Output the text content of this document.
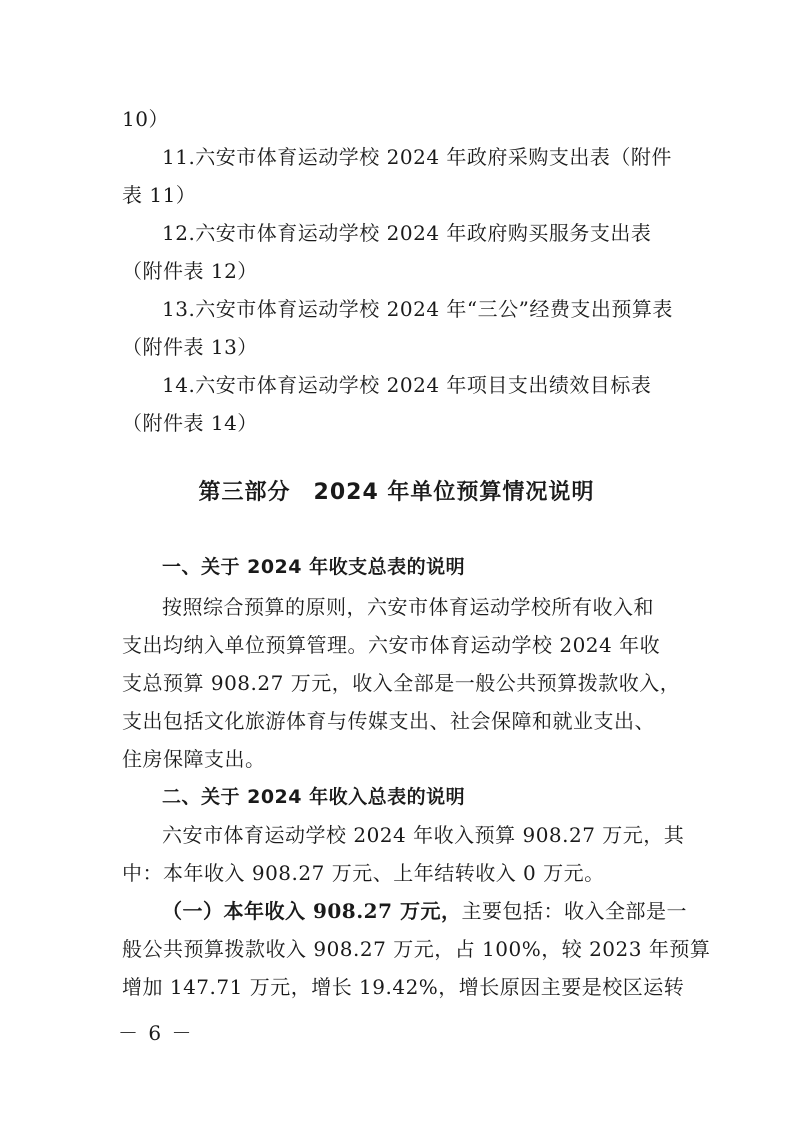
10）
11.六安市体育运动学校 2024 年政府采购支出表（附件
表 11）
12.六安市体育运动学校 2024 年政府购买服务支出表
（附件表 12）
13.六安市体育运动学校 2024 年“三公”经费支出预算表
（附件表 13）
14.六安市体育运动学校 2024 年项目支出绩效目标表
（附件表 14）
第三部分　2024 年单位预算情况说明
一、关于 2024 年收支总表的说明
按照综合预算的原则，六安市体育运动学校所有收入和
支出均纳入单位预算管理。六安市体育运动学校 2024 年收
支总预算 908.27 万元，收入全部是一般公共预算拨款收入，
支出包括文化旅游体育与传媒支出、社会保障和就业支出、
住房保障支出。
二、关于 2024 年收入总表的说明
六安市体育运动学校 2024 年收入预算 908.27 万元，其
中：本年收入 908.27 万元、上年结转收入 0 万元。
（一）本年收入 908.27 万元，主要包括：收入全部是一
般公共预算拨款收入 908.27 万元，占 100%，较 2023 年预算
增加 147.71 万元，增长 19.42%，增长原因主要是校区运转
－ 6 －
